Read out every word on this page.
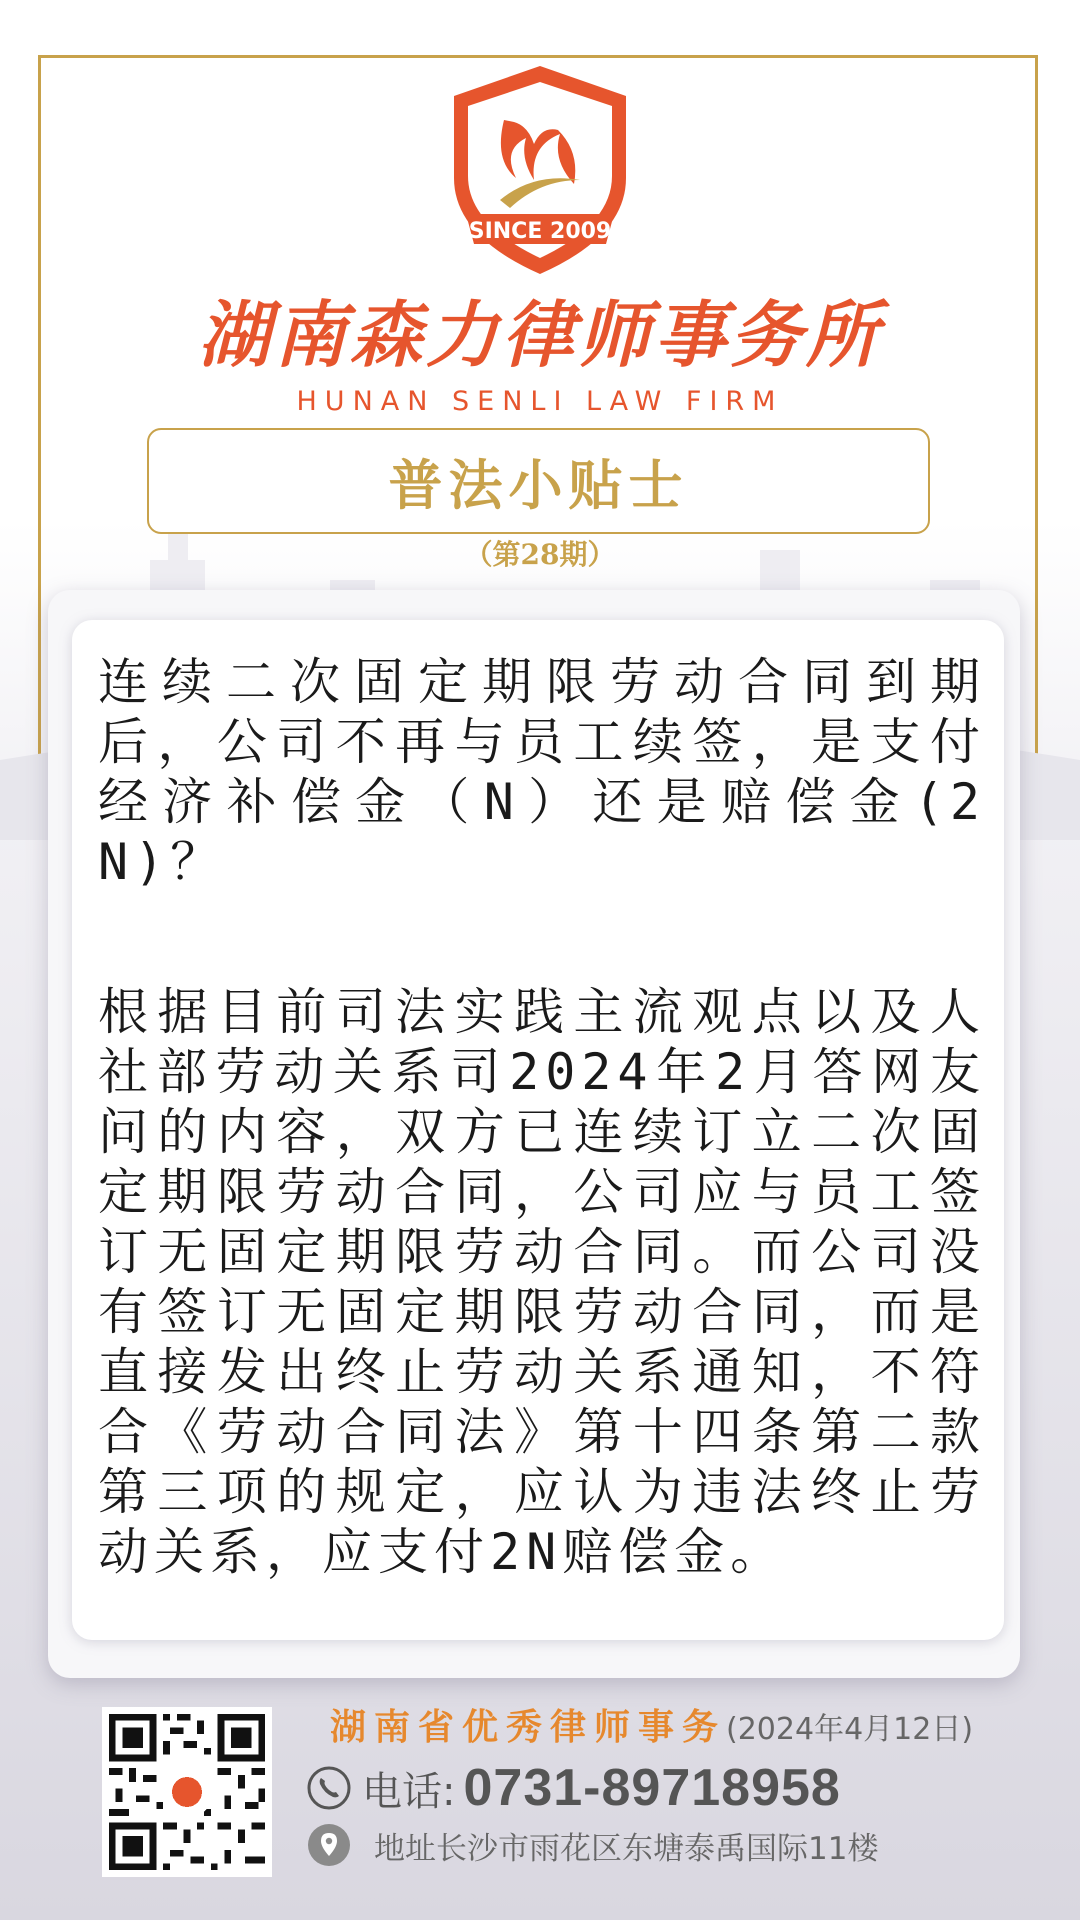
SINCE 2009
湖南森力律师事务所
HUNAN SENLI LAW FIRM
普法小贴士
（第28期）

连续二次固定期限劳动合同到期后，公司不再与员工续签，是支付经济补偿金（N）还是赔偿金(2N)？

根据目前司法实践主流观点以及人社部劳动关系司2024年2月答网友问的内容，双方已连续订立二次固定期限劳动合同，公司应与员工签订无固定期限劳动合同。而公司没有签订无固定期限劳动合同，而是直接发出终止劳动关系通知，不符合《劳动合同法》第十四条第二款第三项的规定，应认为违法终止劳动关系，应支付2N赔偿金。

湖南省优秀律师事务(2024年4月12日)
电话: 0731-89718958
地址长沙市雨花区东塘泰禹国际11楼
